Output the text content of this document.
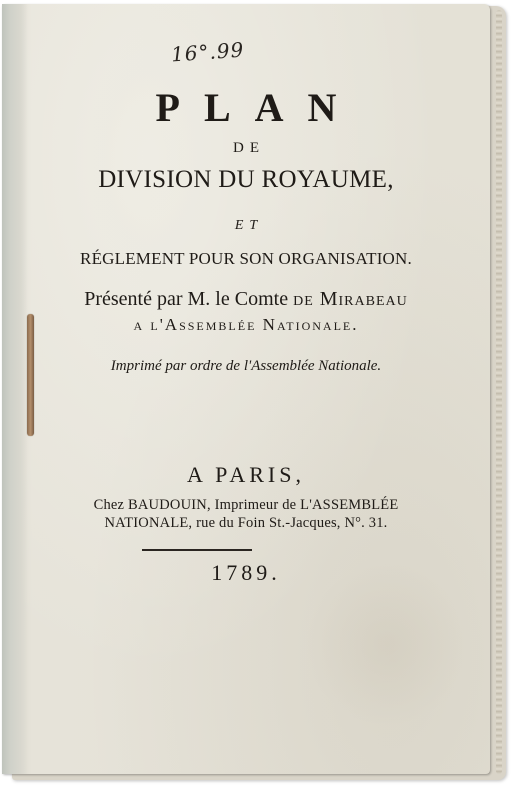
16°.99
PLAN
DE
DIVISION DU ROYAUME,
ET
RÉGLEMENT POUR SON ORGANISATION.
Présenté par M. le Comte de Mirabeau
a l'Assemblée Nationale.
Imprimé par ordre de l'Assemblée Nationale.
A PARIS,
Chez BAUDOUIN, Imprimeur de L'ASSEMBLÉE
NATIONALE, rue du Foin St.-Jacques, N°. 31.
1789.
